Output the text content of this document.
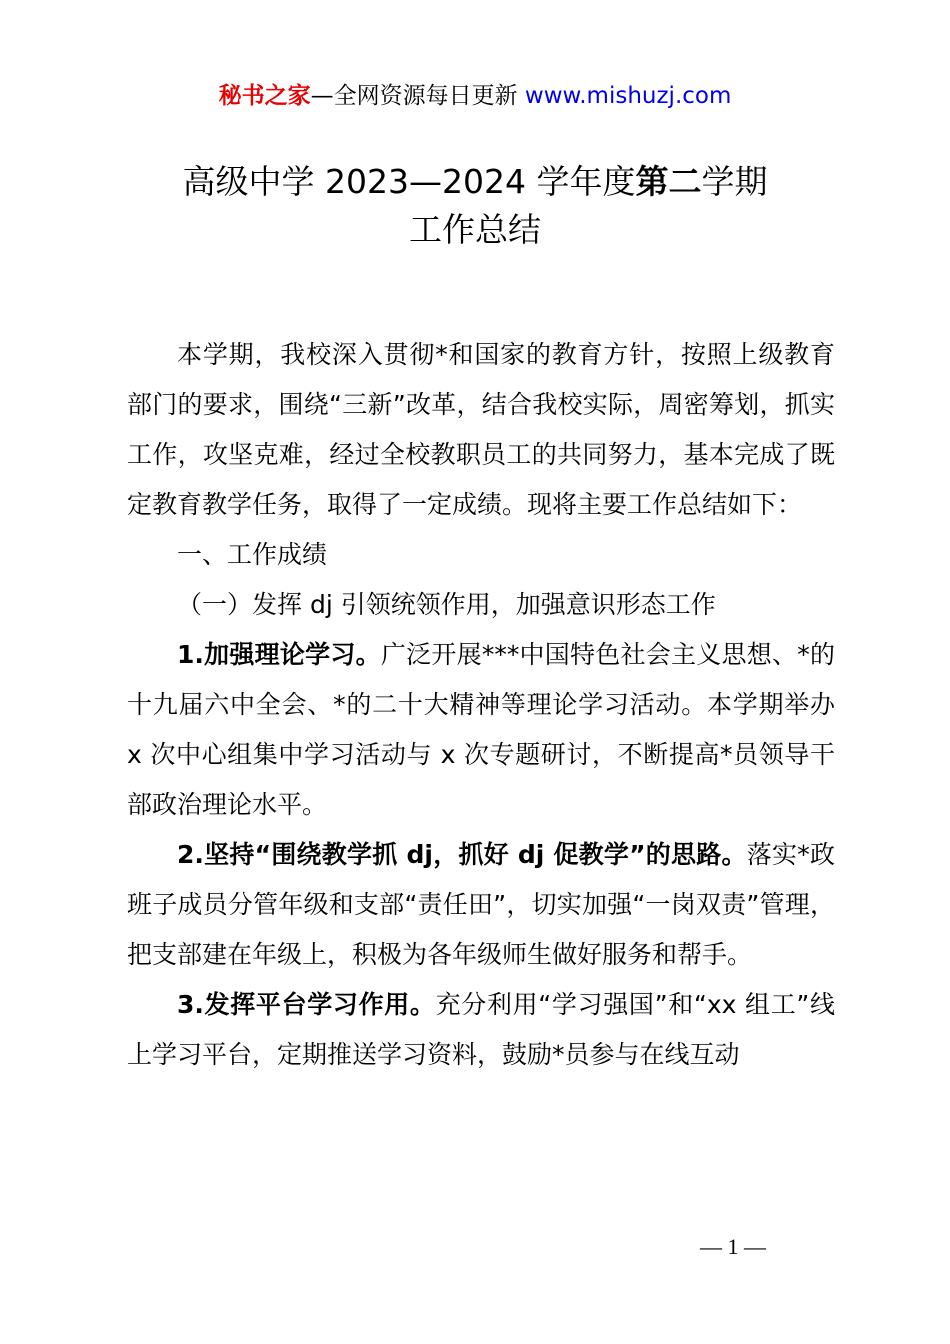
秘书之家—全网资源每日更新 www.mishuzj.com
高级中学 2023—2024 学年度第二学期
工作总结

本学期，我校深入贯彻*和国家的教育方针，按照上级教育部门的要求，围绕“三新”改革，结合我校实际，周密筹划，抓实工作，攻坚克难，经过全校教职员工的共同努力，基本完成了既定教育教学任务，取得了一定成绩。现将主要工作总结如下：

一、工作成绩

（一）发挥 dj 引领统领作用，加强意识形态工作

1.加强理论学习。广泛开展***中国特色社会主义思想、*的十九届六中全会、*的二十大精神等理论学习活动。本学期举办 x 次中心组集中学习活动与 x 次专题研讨，不断提高*员领导干部政治理论水平。

2.坚持“围绕教学抓 dj，抓好 dj 促教学”的思路。落实*政班子成员分管年级和支部“责任田”，切实加强“一岗双责”管理，把支部建在年级上，积极为各年级师生做好服务和帮手。

3.发挥平台学习作用。充分利用“学习强国”和“xx 组工”线上学习平台，定期推送学习资料，鼓励*员参与在线互动

— 1 —
